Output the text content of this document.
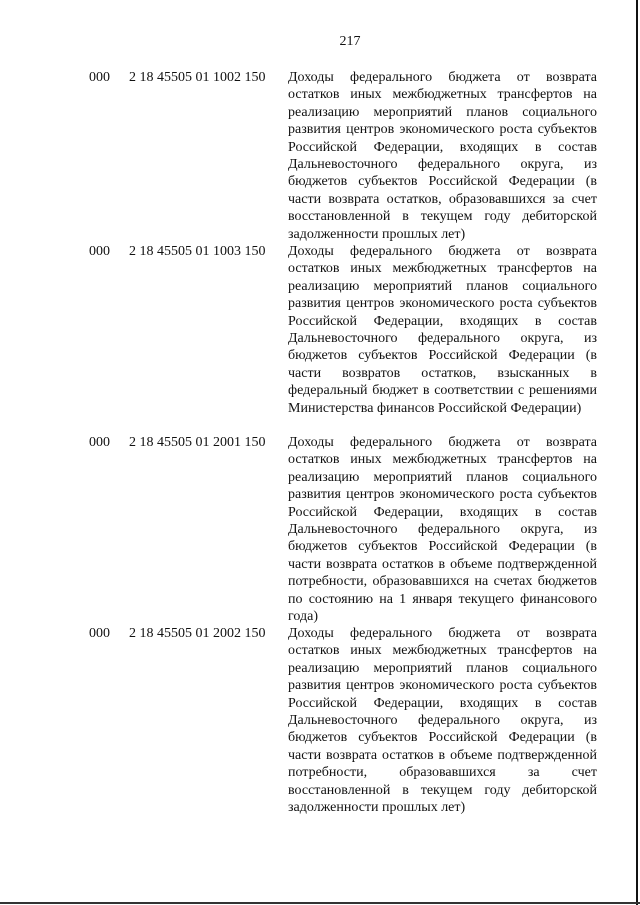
217
000 2 18 45505 01 1002 150 Доходы федерального бюджета от возврата остатков иных межбюджетных трансфертов на реализацию мероприятий планов социального развития центров экономического роста субъектов Российской Федерации, входящих в состав Дальневосточного федерального округа, из бюджетов субъектов Российской Федерации (в части возврата остатков, образовавшихся за счет восстановленной в текущем году дебиторской задолженности прошлых лет)
000 2 18 45505 01 1003 150 Доходы федерального бюджета от возврата остатков иных межбюджетных трансфертов на реализацию мероприятий планов социального развития центров экономического роста субъектов Российской Федерации, входящих в состав Дальневосточного федерального округа, из бюджетов субъектов Российской Федерации (в части возвратов остатков, взысканных в федеральный бюджет в соответствии с решениями Министерства финансов Российской Федерации)
000 2 18 45505 01 2001 150 Доходы федерального бюджета от возврата остатков иных межбюджетных трансфертов на реализацию мероприятий планов социального развития центров экономического роста субъектов Российской Федерации, входящих в состав Дальневосточного федерального округа, из бюджетов субъектов Российской Федерации (в части возврата остатков в объеме подтвержденной потребности, образовавшихся на счетах бюджетов по состоянию на 1 января текущего финансового года)
000 2 18 45505 01 2002 150 Доходы федерального бюджета от возврата остатков иных межбюджетных трансфертов на реализацию мероприятий планов социального развития центров экономического роста субъектов Российской Федерации, входящих в состав Дальневосточного федерального округа, из бюджетов субъектов Российской Федерации (в части возврата остатков в объеме подтвержденной потребности, образовавшихся за счет восстановленной в текущем году дебиторской задолженности прошлых лет)
